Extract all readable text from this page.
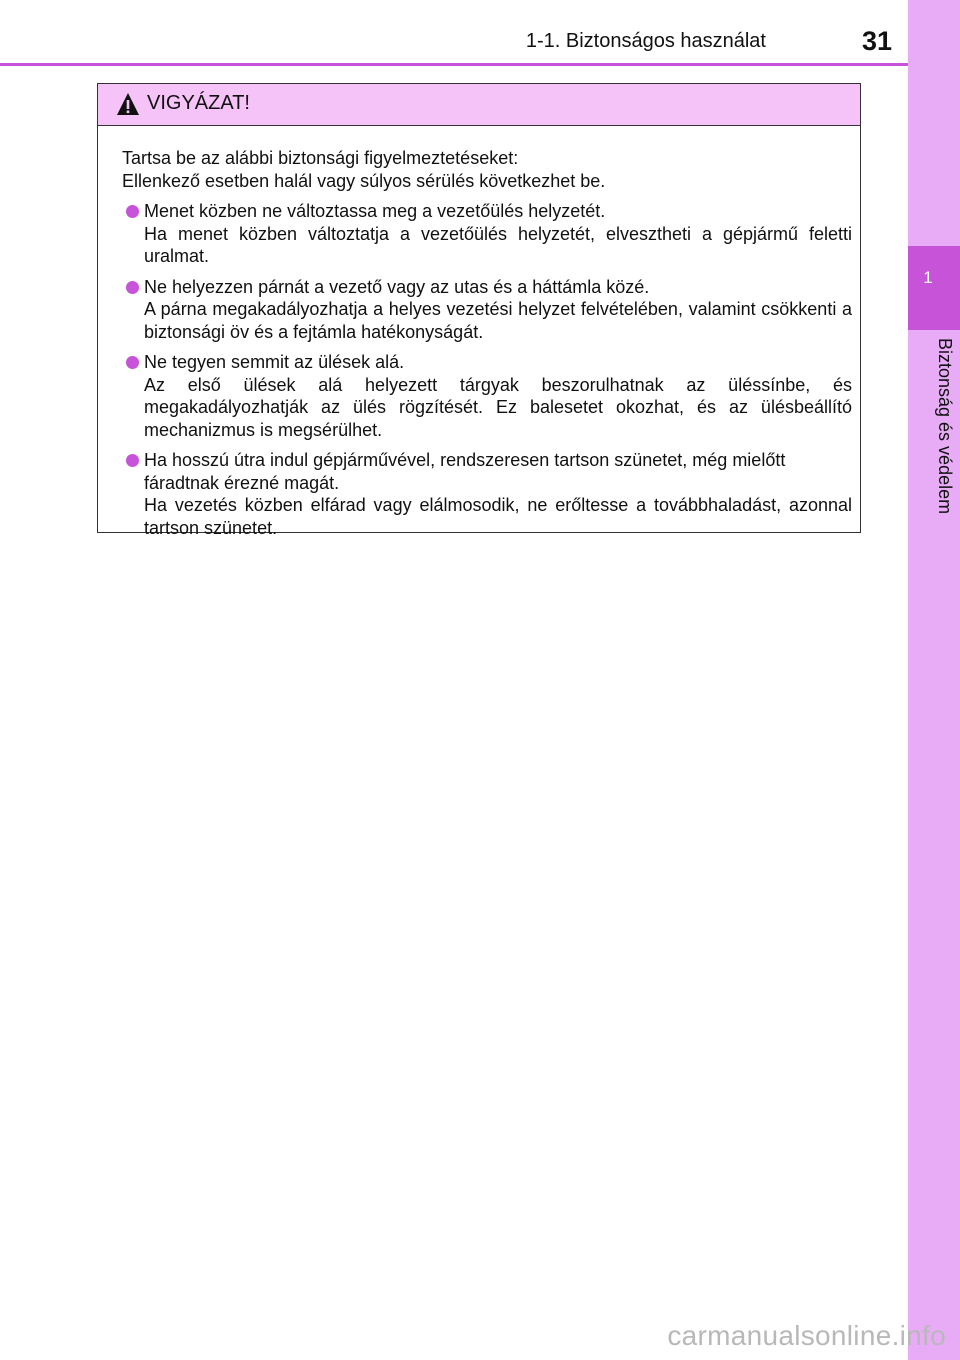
1
Biztonság és védelem
1-1. Biztonságos használat	31
VIGYÁZAT!

Tartsa be az alábbi biztonsági figyelmeztetéseket:

Ellenkező esetben halál vagy súlyos sérülés következhet be.

Menet közben ne változtassa meg a vezetőülés helyzetét.

Ha menet közben változtatja a vezetőülés helyzetét, elvesztheti a gépjármű feletti uralmat.

Ne helyezzen párnát a vezető vagy az utas és a háttámla közé.

A párna megakadályozhatja a helyes vezetési helyzet felvételében, valamint csökkenti a biztonsági öv és a fejtámla hatékonyságát.

Ne tegyen semmit az ülések alá.

Az első ülések alá helyezett tárgyak beszorulhatnak az üléssínbe, és megakadályozhatják az ülés rögzítését. Ez balesetet okozhat, és az ülésbeállító mechanizmus is megsérülhet.

Ha hosszú útra indul gépjárművével, rendszeresen tartson szünetet, még mielőtt fáradtnak érezné magát.

Ha vezetés közben elfárad vagy elálmosodik, ne erőltesse a továbbhaladást, azonnal tartson szünetet.

carmanualsonline.info
